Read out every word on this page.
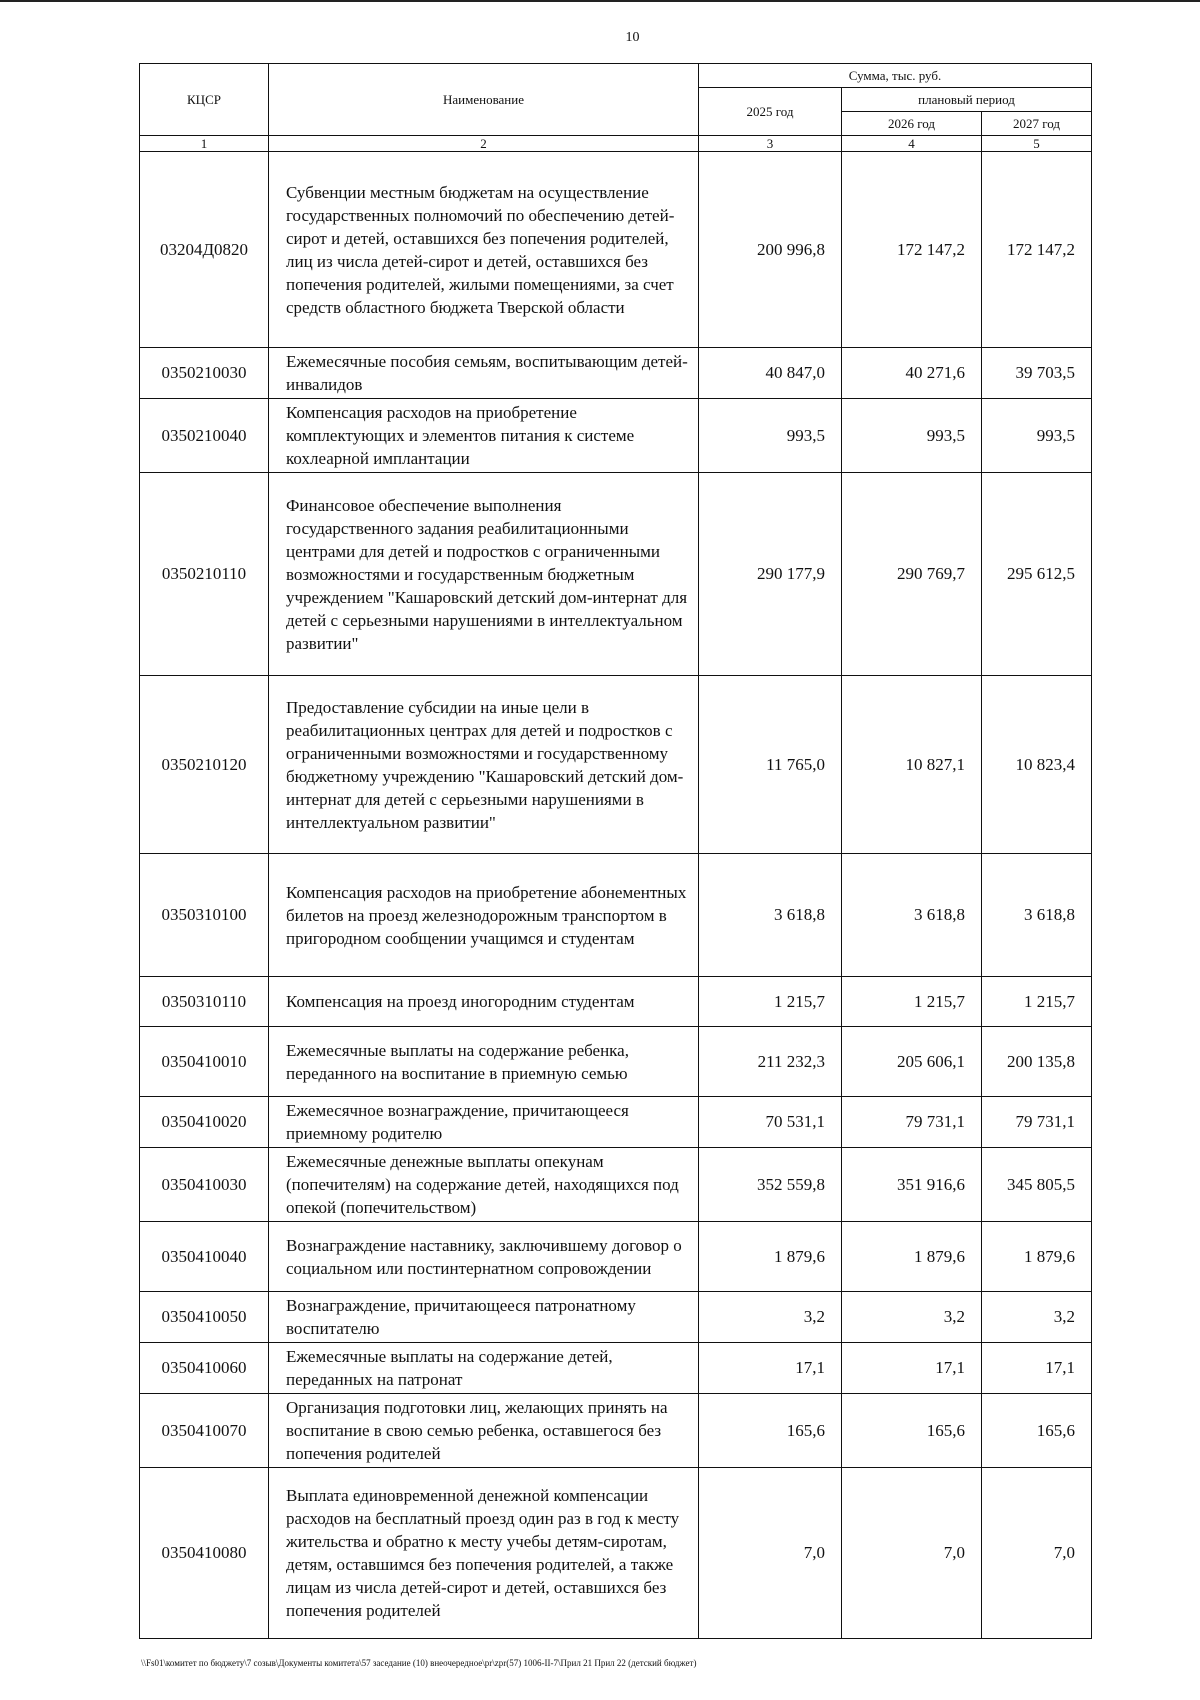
10
КЦСР	Наименование	Сумма, тыс. руб.		
		2025 год	плановый период	
			2026 год	2027 год
1	2	3	4	5
03204Д0820	Субвенции местным бюджетам на осуществление государственных полномочий по обеспечению детей-сирот и детей, оставшихся без попечения родителей, лиц из числа детей-сирот и детей, оставшихся без попечения родителей, жилыми помещениями, за счет средств областного бюджета Тверской области	200 996,8	172 147,2	172 147,2
0350210030	Ежемесячные пособия семьям, воспитывающим детей-инвалидов	40 847,0	40 271,6	39 703,5
0350210040	Компенсация расходов на приобретение комплектующих и элементов питания к системе кохлеарной имплантации	993,5	993,5	993,5
0350210110	Финансовое обеспечение выполнения государственного задания реабилитационными центрами для детей и подростков с ограниченными возможностями и государственным бюджетным учреждением "Кашаровский детский дом-интернат для детей с серьезными нарушениями в интеллектуальном развитии"	290 177,9	290 769,7	295 612,5
0350210120	Предоставление субсидии на иные цели в реабилитационных центрах для детей и подростков с ограниченными возможностями и государственному бюджетному учреждению "Кашаровский детский дом-интернат для детей с серьезными нарушениями в интеллектуальном развитии"	11 765,0	10 827,1	10 823,4
0350310100	Компенсация расходов на приобретение абонементных билетов на проезд железнодорожным транспортом в пригородном сообщении учащимся и студентам	3 618,8	3 618,8	3 618,8
0350310110	Компенсация на проезд иногородним студентам	1 215,7	1 215,7	1 215,7
0350410010	Ежемесячные выплаты на содержание ребенка, переданного на воспитание в приемную семью	211 232,3	205 606,1	200 135,8
0350410020	Ежемесячное вознаграждение, причитающееся приемному родителю	70 531,1	79 731,1	79 731,1
0350410030	Ежемесячные денежные выплаты опекунам (попечителям) на содержание детей, находящихся под опекой (попечительством)	352 559,8	351 916,6	345 805,5
0350410040	Вознаграждение наставнику, заключившему договор о социальном или постинтернатном сопровождении	1 879,6	1 879,6	1 879,6
0350410050	Вознаграждение, причитающееся патронатному воспитателю	3,2	3,2	3,2
0350410060	Ежемесячные выплаты на содержание детей, переданных на патронат	17,1	17,1	17,1
0350410070	Организация подготовки лиц, желающих принять на воспитание в свою семью ребенка, оставшегося без попечения родителей	165,6	165,6	165,6
0350410080	Выплата единовременной денежной компенсации расходов на бесплатный проезд один раз в год к месту жительства и обратно к месту учебы детям-сиротам, детям, оставшимся без попечения родителей, а также лицам из числа детей-сирот и детей, оставшихся без попечения родителей	7,0	7,0	7,0
\\Fs01\комитет по бюджету\7 созыв\Документы комитета\57 заседание (10) внеочередное\pr\zpr(57) 1006-II-7\Прил 21 Прил 22 (детский бюджет)
